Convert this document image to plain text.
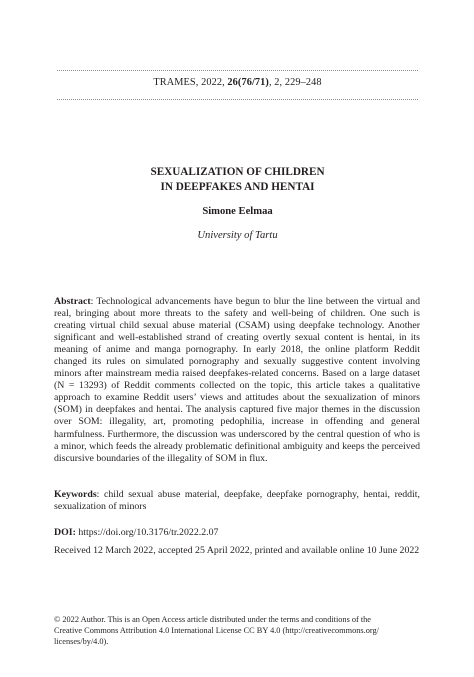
TRAMES, 2022, 26(76/71), 2, 229–248
SEXUALIZATION OF CHILDREN
IN DEEPFAKES AND HENTAI
Simone Eelmaa
University of Tartu
Abstract: Technological advancements have begun to blur the line between the virtual and real, bringing about more threats to the safety and well-being of children. One such is creating virtual child sexual abuse material (CSAM) using deepfake technology. Another significant and well-established strand of creating overtly sexual content is hentai, in its meaning of anime and manga pornography. In early 2018, the online platform Reddit changed its rules on simulated pornography and sexually suggestive content involving minors after mainstream media raised deepfakes-related concerns. Based on a large dataset (N = 13293) of Reddit comments collected on the topic, this article takes a qualitative approach to examine Reddit users’ views and attitudes about the sexualization of minors (SOM) in deepfakes and hentai. The analysis captured five major themes in the discussion over SOM: illegality, art, promoting pedophilia, increase in offending and general harmfulness. Furthermore, the discussion was underscored by the central question of who is a minor, which feeds the already problematic definitional ambiguity and keeps the perceived discursive boundaries of the illegality of SOM in flux.
Keywords: child sexual abuse material, deepfake, deepfake pornography, hentai, reddit, sexualization of minors
DOI: https://doi.org/10.3176/tr.2022.2.07
Received 12 March 2022, accepted 25 April 2022, printed and available online 10 June 2022
© 2022 Author. This is an Open Access article distributed under the terms and conditions of the
Creative Commons Attribution 4.0 International License CC BY 4.0 (http://creativecommons.org/
licenses/by/4.0).
